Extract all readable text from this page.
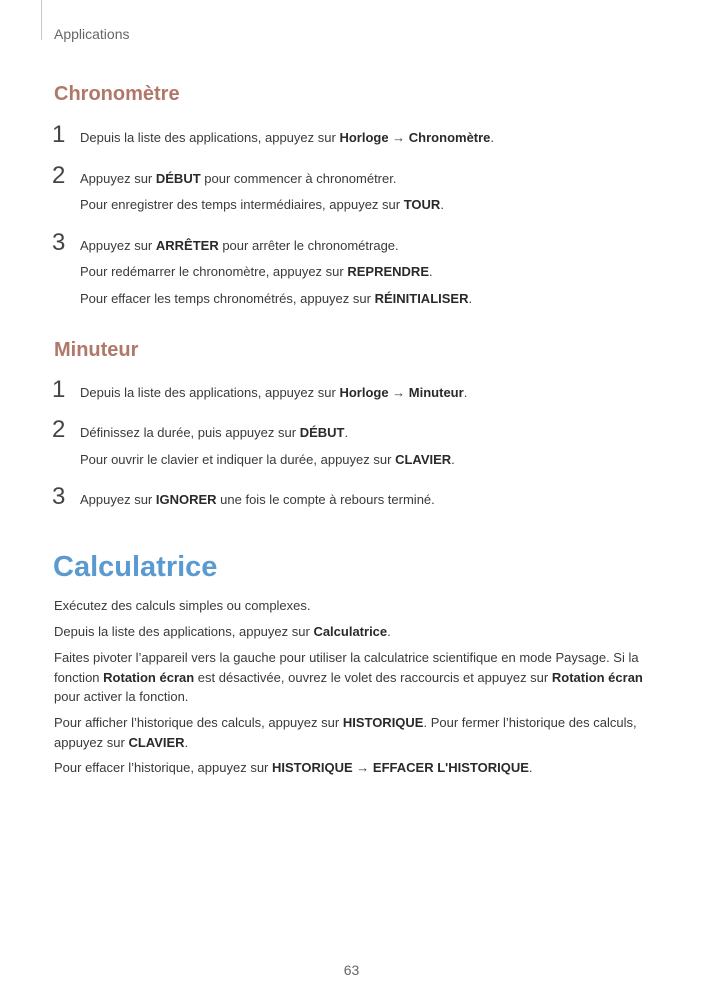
Applications
Chronomètre
1	Depuis la liste des applications, appuyez sur Horloge → Chronomètre.
2	Appuyez sur DÉBUT pour commencer à chronométrer.
Pour enregistrer des temps intermédiaires, appuyez sur TOUR.
3	Appuyez sur ARRÊTER pour arrêter le chronométrage.
Pour redémarrer le chronomètre, appuyez sur REPRENDRE.
Pour effacer les temps chronométrés, appuyez sur RÉINITIALISER.
Minuteur
1	Depuis la liste des applications, appuyez sur Horloge → Minuteur.
2	Définissez la durée, puis appuyez sur DÉBUT.
Pour ouvrir le clavier et indiquer la durée, appuyez sur CLAVIER.
3	Appuyez sur IGNORER une fois le compte à rebours terminé.
Calculatrice
Exécutez des calculs simples ou complexes.
Depuis la liste des applications, appuyez sur Calculatrice.
Faites pivoter l’appareil vers la gauche pour utiliser la calculatrice scientifique en mode Paysage. Si la fonction Rotation écran est désactivée, ouvrez le volet des raccourcis et appuyez sur Rotation écran pour activer la fonction.
Pour afficher l’historique des calculs, appuyez sur HISTORIQUE. Pour fermer l’historique des calculs, appuyez sur CLAVIER.
Pour effacer l’historique, appuyez sur HISTORIQUE → EFFACER L'HISTORIQUE.
63
